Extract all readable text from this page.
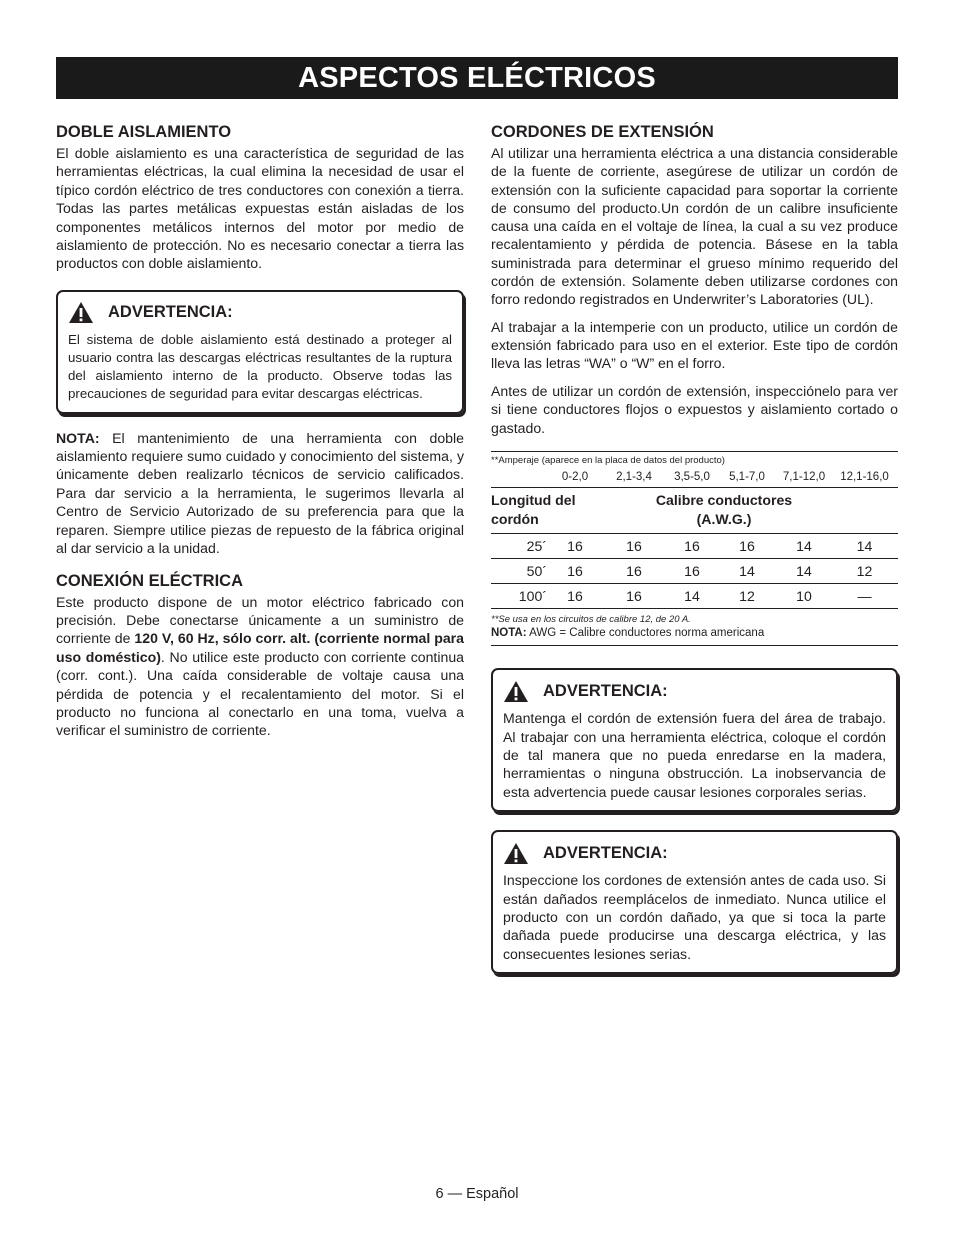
ASPECTOS ELÉCTRICOS
DOBLE AISLAMIENTO

El doble aislamiento es una característica de seguridad de las herramientas eléctricas, la cual elimina la necesidad de usar el típico cordón eléctrico de tres conductores con conexión a tierra. Todas las partes metálicas expuestas están aisladas de los componentes metálicos internos del motor por medio de aislamiento de protección. No es necesario conectar a tierra las productos con doble aislamiento.

ADVERTENCIA:

El sistema de doble aislamiento está destinado a proteger al usuario contra las descargas eléctricas resultantes de la ruptura del aislamiento interno de la producto. Observe todas las precauciones de seguridad para evitar descargas eléctricas.

NOTA: El mantenimiento de una herramienta con doble aislamiento requiere sumo cuidado y conocimiento del sistema, y únicamente deben realizarlo técnicos de servicio calificados. Para dar servicio a la herramienta, le sugerimos llevarla al Centro de Servicio Autorizado de su preferencia para que la reparen. Siempre utilice piezas de repuesto de la fábrica original al dar servicio a la unidad.

CONEXIÓN ELÉCTRICA

Este producto dispone de un motor eléctrico fabricado con precisión. Debe conectarse únicamente a un suministro de corriente de 120 V, 60 Hz, sólo corr. alt. (corriente normal para uso doméstico). No utilice este producto con corriente continua (corr. cont.). Una caída considerable de voltaje causa una pérdida de potencia y el recalentamiento del motor. Si el producto no funciona al conectarlo en una toma, vuelva a verificar el suministro de corriente.

CORDONES DE EXTENSIÓN

Al utilizar una herramienta eléctrica a una distancia considerable de la fuente de corriente, asegúrese de utilizar un cordón de extensión con la suficiente capacidad para soportar la corriente de consumo del producto.Un cordón de un calibre insuficiente causa una caída en el voltaje de línea, la cual a su vez produce recalentamiento y pérdida de potencia. Básese en la tabla suministrada para determinar el grueso mínimo requerido del cordón de extensión. Solamente deben utilizarse cordones con forro redondo registrados en Underwriter’s Laboratories (UL).

Al trabajar a la intemperie con un producto, utilice un cordón de extensión fabricado para uso en el exterior. Este tipo de cordón lleva las letras “WA” o “W” en el forro.

Antes de utilizar un cordón de extensión, inspecciónelo para ver si tiene conductores flojos o expuestos y aislamiento cortado o gastado.

**Amperaje (aparece en la placa de datos del producto)
0-2,0	2,1-3,4	3,5-5,0	5,1-7,0	7,1-12,0	12,1-16,0
Longitud del cordón
Calibre conductores
(A.W.G.)
25´	16	16	16	16	14	14
50´	16	16	16	14	14	12
100´	16	16	14	12	10	—
**Se usa en los circuitos de calibre 12, de 20 A.
NOTA: AWG = Calibre conductores norma americana
ADVERTENCIA:

Mantenga el cordón de extensión fuera del área de trabajo. Al trabajar con una herramienta eléctrica, coloque el cordón de tal manera que no pueda enredarse en la madera, herramientas o ninguna obstrucción. La inobservancia de esta advertencia puede causar lesiones corporales serias.

ADVERTENCIA:

Inspeccione los cordones de extensión antes de cada uso. Si están dañados reemplácelos de inmediato. Nunca utilice el producto con un cordón dañado, ya que si toca la parte dañada puede producirse una descarga eléctrica, y las consecuentes lesiones serias.

6 — Español
